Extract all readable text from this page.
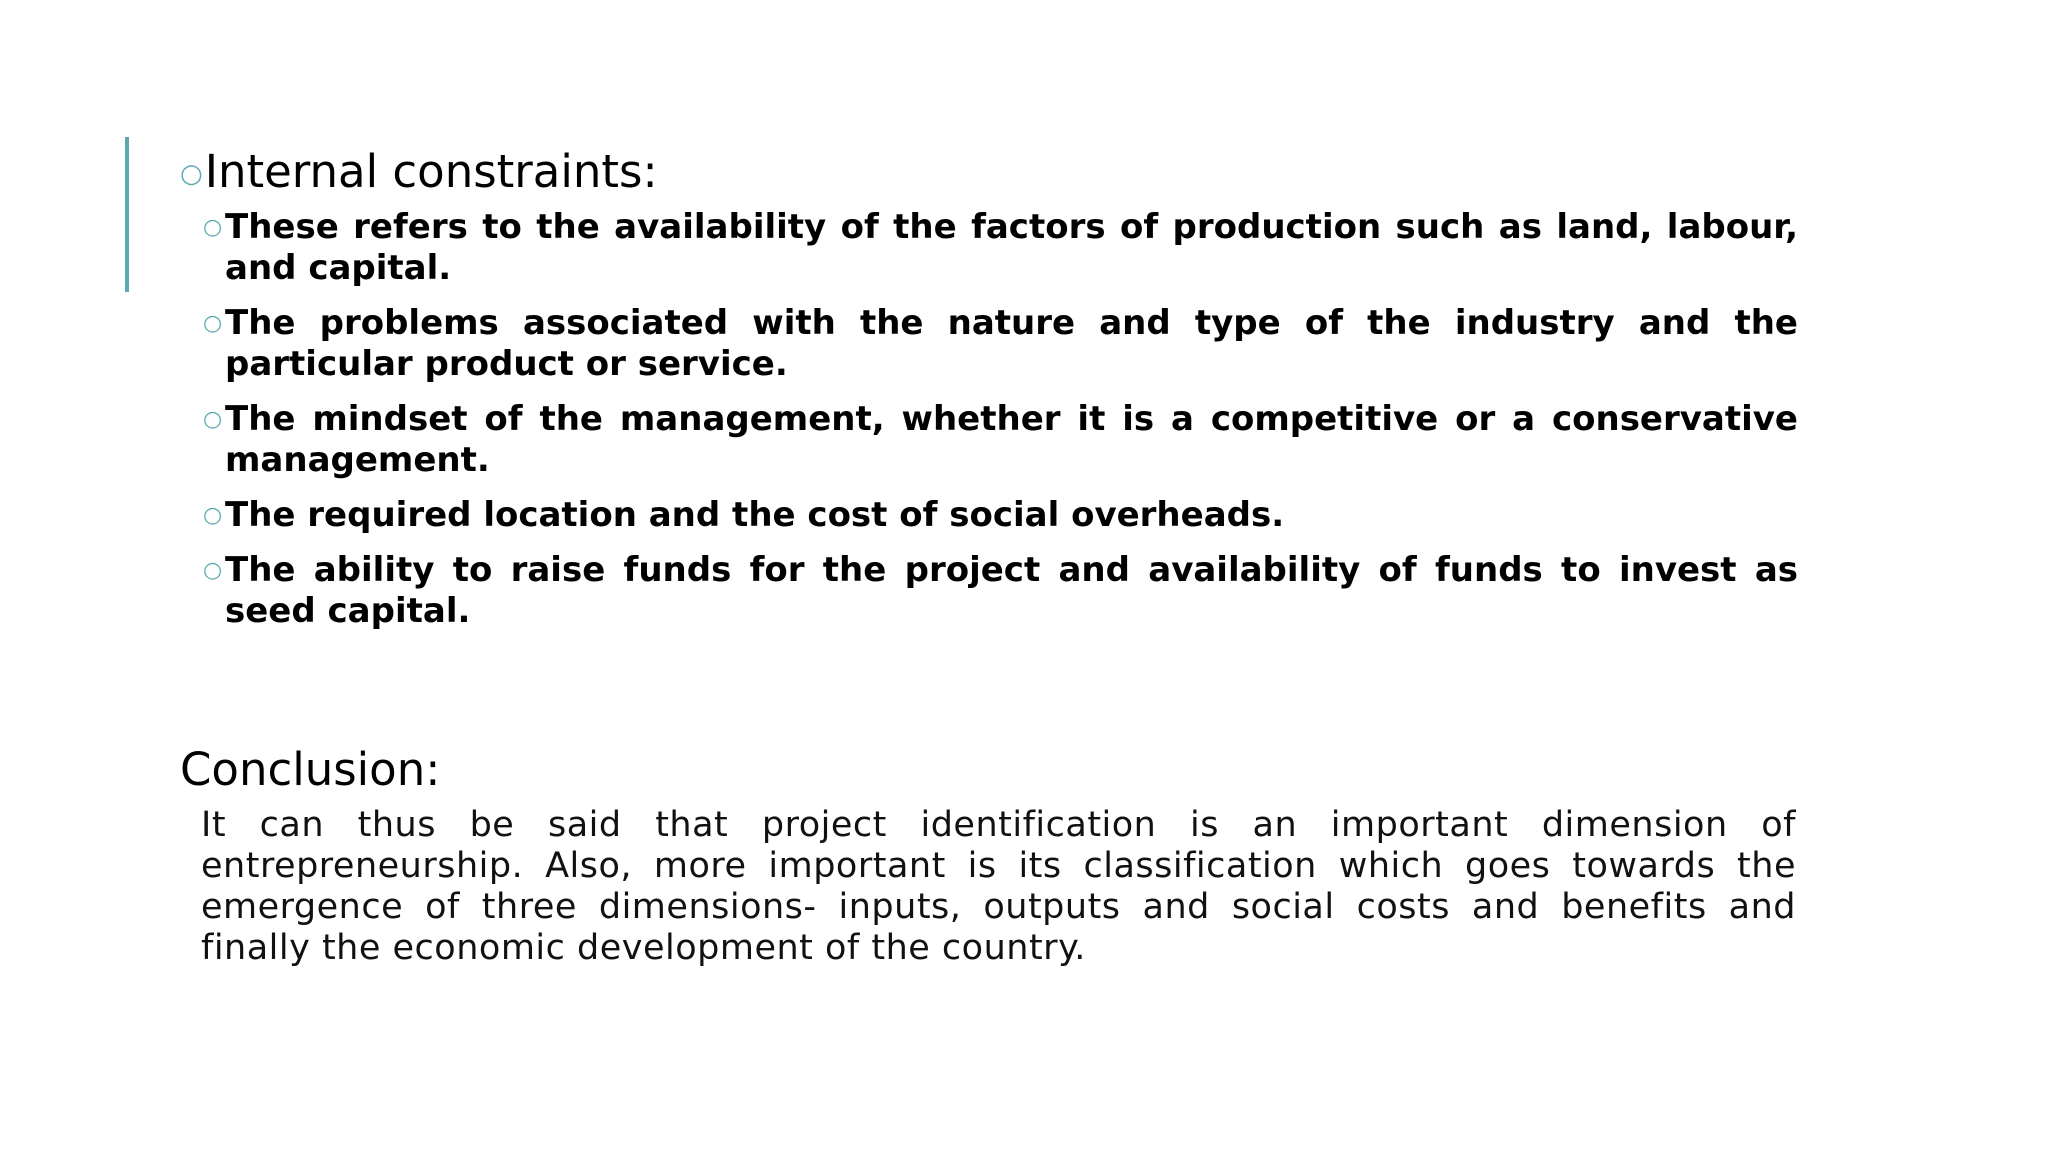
○Internal constraints:
○ These refers to the availability of the factors of production such as land, labour, and capital.
○ The problems associated with the nature and type of the industry and the particular product or service.
○ The mindset of the management, whether it is a competitive or a conservative management.
○ The required location and the cost of social overheads.
○ The ability to raise funds for the project and availability of funds to invest as seed capital.
Conclusion:
It can thus be said that project identification is an important dimension of entrepreneurship. Also, more important is its classification which goes towards the emergence of three dimensions- inputs, outputs and social costs and benefits and finally the economic development of the country.
